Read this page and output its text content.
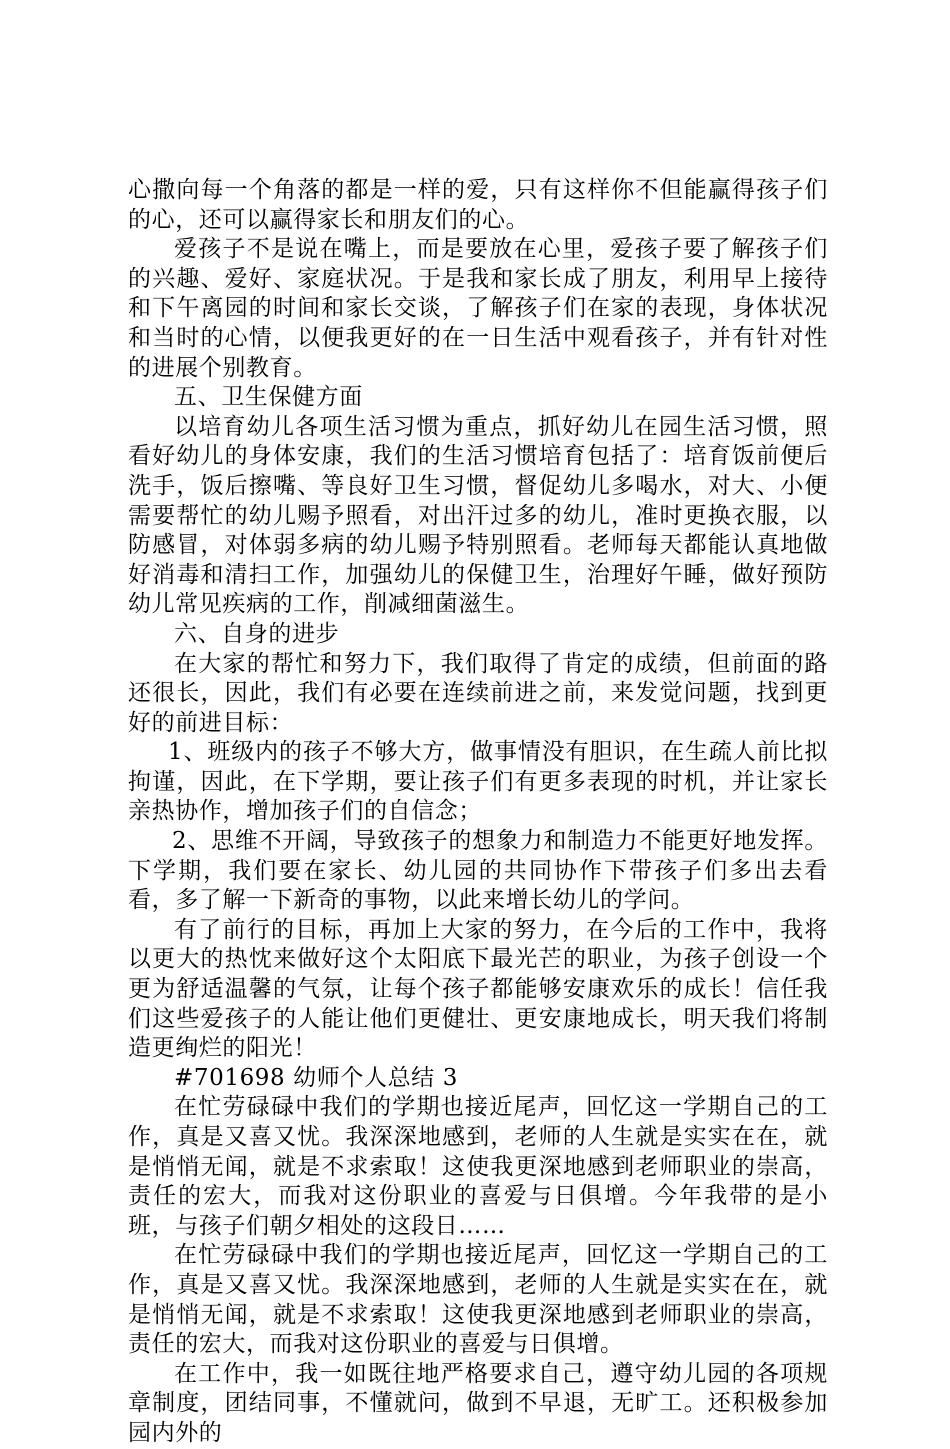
心撒向每一个角落的都是一样的爱，只有这样你不但能赢得孩子们的心，还可以赢得家长和朋友们的心。

爱孩子不是说在嘴上，而是要放在心里，爱孩子要了解孩子们的兴趣、爱好、家庭状况。于是我和家长成了朋友，利用早上接待和下午离园的时间和家长交谈，了解孩子们在家的表现，身体状况和当时的心情，以便我更好的在一日生活中观看孩子，并有针对性的进展个别教育。

五、卫生保健方面

以培育幼儿各项生活习惯为重点，抓好幼儿在园生活习惯，照看好幼儿的身体安康，我们的生活习惯培育包括了：培育饭前便后洗手，饭后擦嘴、等良好卫生习惯，督促幼儿多喝水，对大、小便需要帮忙的幼儿赐予照看，对出汗过多的幼儿，准时更换衣服，以防感冒，对体弱多病的幼儿赐予特别照看。老师每天都能认真地做好消毒和清扫工作，加强幼儿的保健卫生，治理好午睡，做好预防幼儿常见疾病的工作，削减细菌滋生。

六、自身的进步

在大家的帮忙和努力下，我们取得了肯定的成绩，但前面的路还很长，因此，我们有必要在连续前进之前，来发觉问题，找到更好的前进目标：

1、班级内的孩子不够大方，做事情没有胆识，在生疏人前比拟拘谨，因此，在下学期，要让孩子们有更多表现的时机，并让家长亲热协作，增加孩子们的自信念；

2、思维不开阔，导致孩子的想象力和制造力不能更好地发挥。下学期，我们要在家长、幼儿园的共同协作下带孩子们多出去看看，多了解一下新奇的事物，以此来增长幼儿的学问。

有了前行的目标，再加上大家的努力，在今后的工作中，我将以更大的热忱来做好这个太阳底下最光芒的职业，为孩子创设一个更为舒适温馨的气氛，让每个孩子都能够安康欢乐的成长！信任我们这些爱孩子的人能让他们更健壮、更安康地成长，明天我们将制造更绚烂的阳光！

#701698 幼师个人总结 3

在忙劳碌碌中我们的学期也接近尾声，回忆这一学期自己的工作，真是又喜又忧。我深深地感到，老师的人生就是实实在在，就是悄悄无闻，就是不求索取！这使我更深地感到老师职业的崇高，责任的宏大，而我对这份职业的喜爱与日俱增。今年我带的是小班，与孩子们朝夕相处的这段日……

在忙劳碌碌中我们的学期也接近尾声，回忆这一学期自己的工作，真是又喜又忧。我深深地感到，老师的人生就是实实在在，就是悄悄无闻，就是不求索取！这使我更深地感到老师职业的崇高，责任的宏大，而我对这份职业的喜爱与日俱增。

在工作中，我一如既往地严格要求自己，遵守幼儿园的各项规章制度，团结同事，不懂就问，做到不早退，无旷工。还积极参加园内外的
